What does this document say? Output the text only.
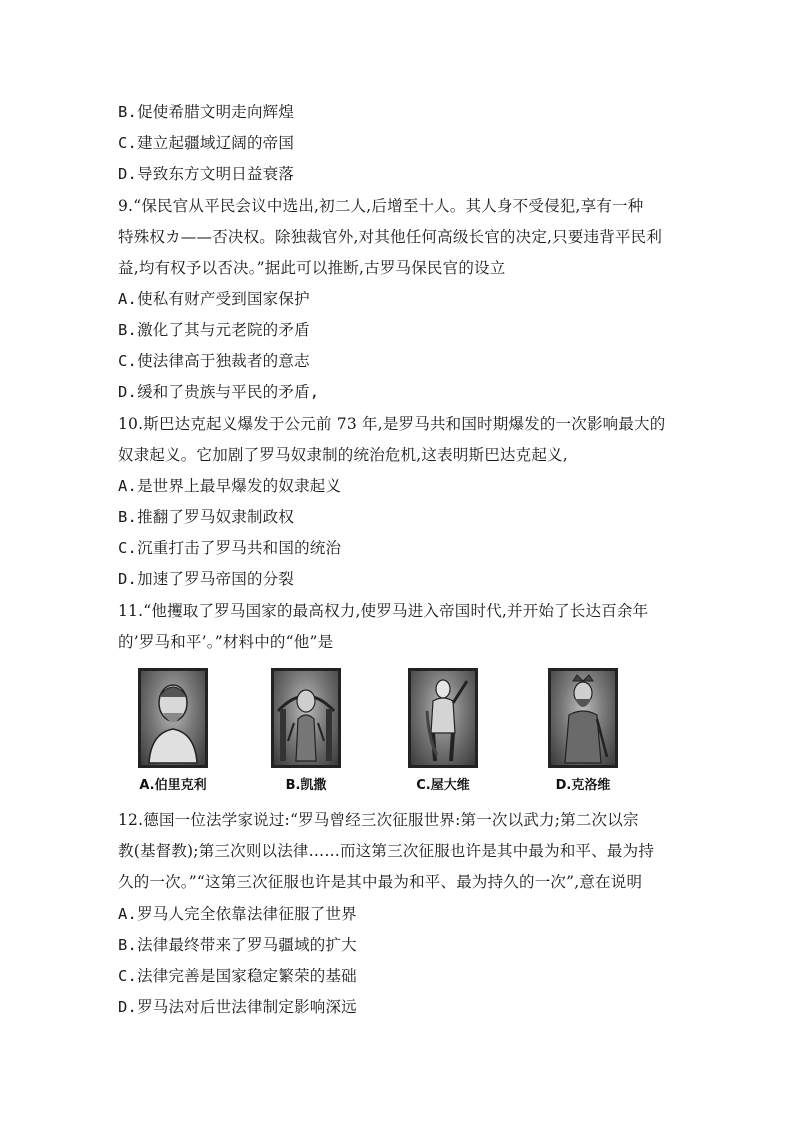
B.促使希腊文明走向辉煌
C.建立起疆域辽阔的帝国
D.导致东方文明日益衰落
9.“保民官从平民会议中选出,初二人,后增至十人。其人身不受侵犯,享有一种
特殊权カ——否决权。除独裁官外,对其他任何高级长官的决定,只要违背平民利
益,均有权予以否决。”据此可以推断,古罗马保民官的设立
A.使私有财产受到国家保护
B.激化了其与元老院的矛盾
C.使法律高于独裁者的意志
D.缓和了贵族与平民的矛盾,
10.斯巴达克起义爆发于公元前 73 年,是罗马共和国时期爆发的一次影响最大的
奴隶起义。它加剧了罗马奴隶制的统治危机,这表明斯巴达克起义,
A.是世界上最早爆发的奴隶起义
B.推翻了罗马奴隶制政权
C.沉重打击了罗马共和国的统治
D.加速了罗马帝国的分裂
11.“他攫取了罗马国家的最高权力,使罗马进入帝国时代,并开始了长达百余年
的’罗马和平’。”材料中的“他”是
A.伯里克利	B.凯撒	C.屋大维	D.克洛维
12.德国一位法学家说过:“罗马曾经三次征服世界:第一次以武力;第二次以宗
教(基督教);第三次则以法律……而这第三次征服也许是其中最为和平、最为持
久的一次。”“这第三次征服也许是其中最为和平、最为持久的一次”,意在说明
A.罗马人完全依靠法律征服了世界
B.法律最终带来了罗马疆域的扩大
C.法律完善是国家稳定繁荣的基础
D.罗马法对后世法律制定影响深远
